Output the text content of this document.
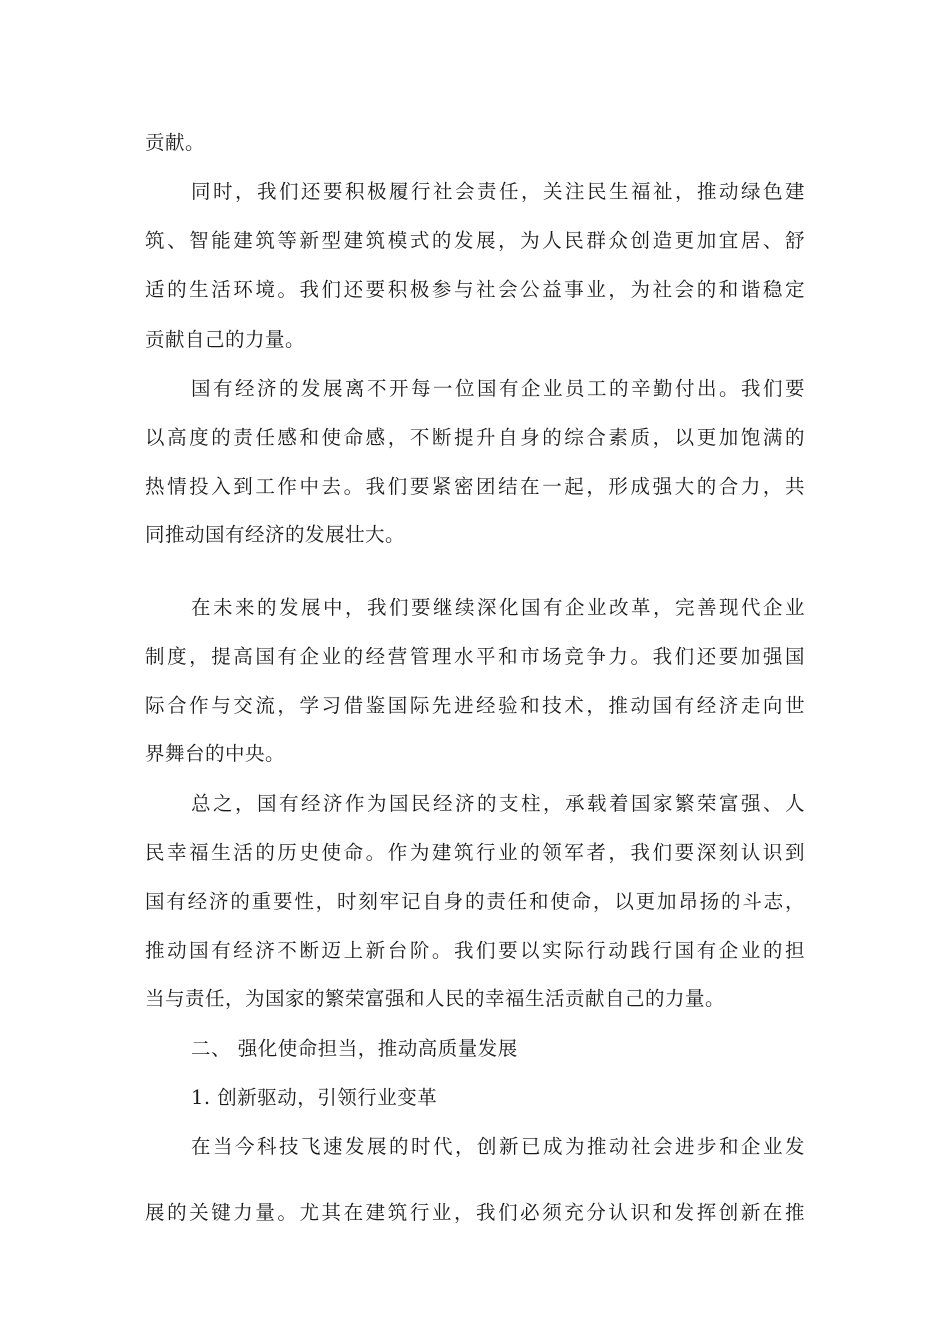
贡献。
同时，我们还要积极履行社会责任，关注民生福祉，推动绿色建
筑、智能建筑等新型建筑模式的发展，为人民群众创造更加宜居、舒
适的生活环境。我们还要积极参与社会公益事业，为社会的和谐稳定
贡献自己的力量。
国有经济的发展离不开每一位国有企业员工的辛勤付出。我们要
以高度的责任感和使命感，不断提升自身的综合素质，以更加饱满的
热情投入到工作中去。我们要紧密团结在一起，形成强大的合力，共
同推动国有经济的发展壮大。
在未来的发展中，我们要继续深化国有企业改革，完善现代企业
制度，提高国有企业的经营管理水平和市场竞争力。我们还要加强国
际合作与交流，学习借鉴国际先进经验和技术，推动国有经济走向世
界舞台的中央。
总之，国有经济作为国民经济的支柱，承载着国家繁荣富强、人
民幸福生活的历史使命。作为建筑行业的领军者，我们要深刻认识到
国有经济的重要性，时刻牢记自身的责任和使命，以更加昂扬的斗志，
推动国有经济不断迈上新台阶。我们要以实际行动践行国有企业的担
当与责任，为国家的繁荣富强和人民的幸福生活贡献自己的力量。
二、 强化使命担当，推动高质量发展
1. 创新驱动，引领行业变革
在当今科技飞速发展的时代，创新已成为推动社会进步和企业发
展的关键力量。尤其在建筑行业，我们必须充分认识和发挥创新在推
